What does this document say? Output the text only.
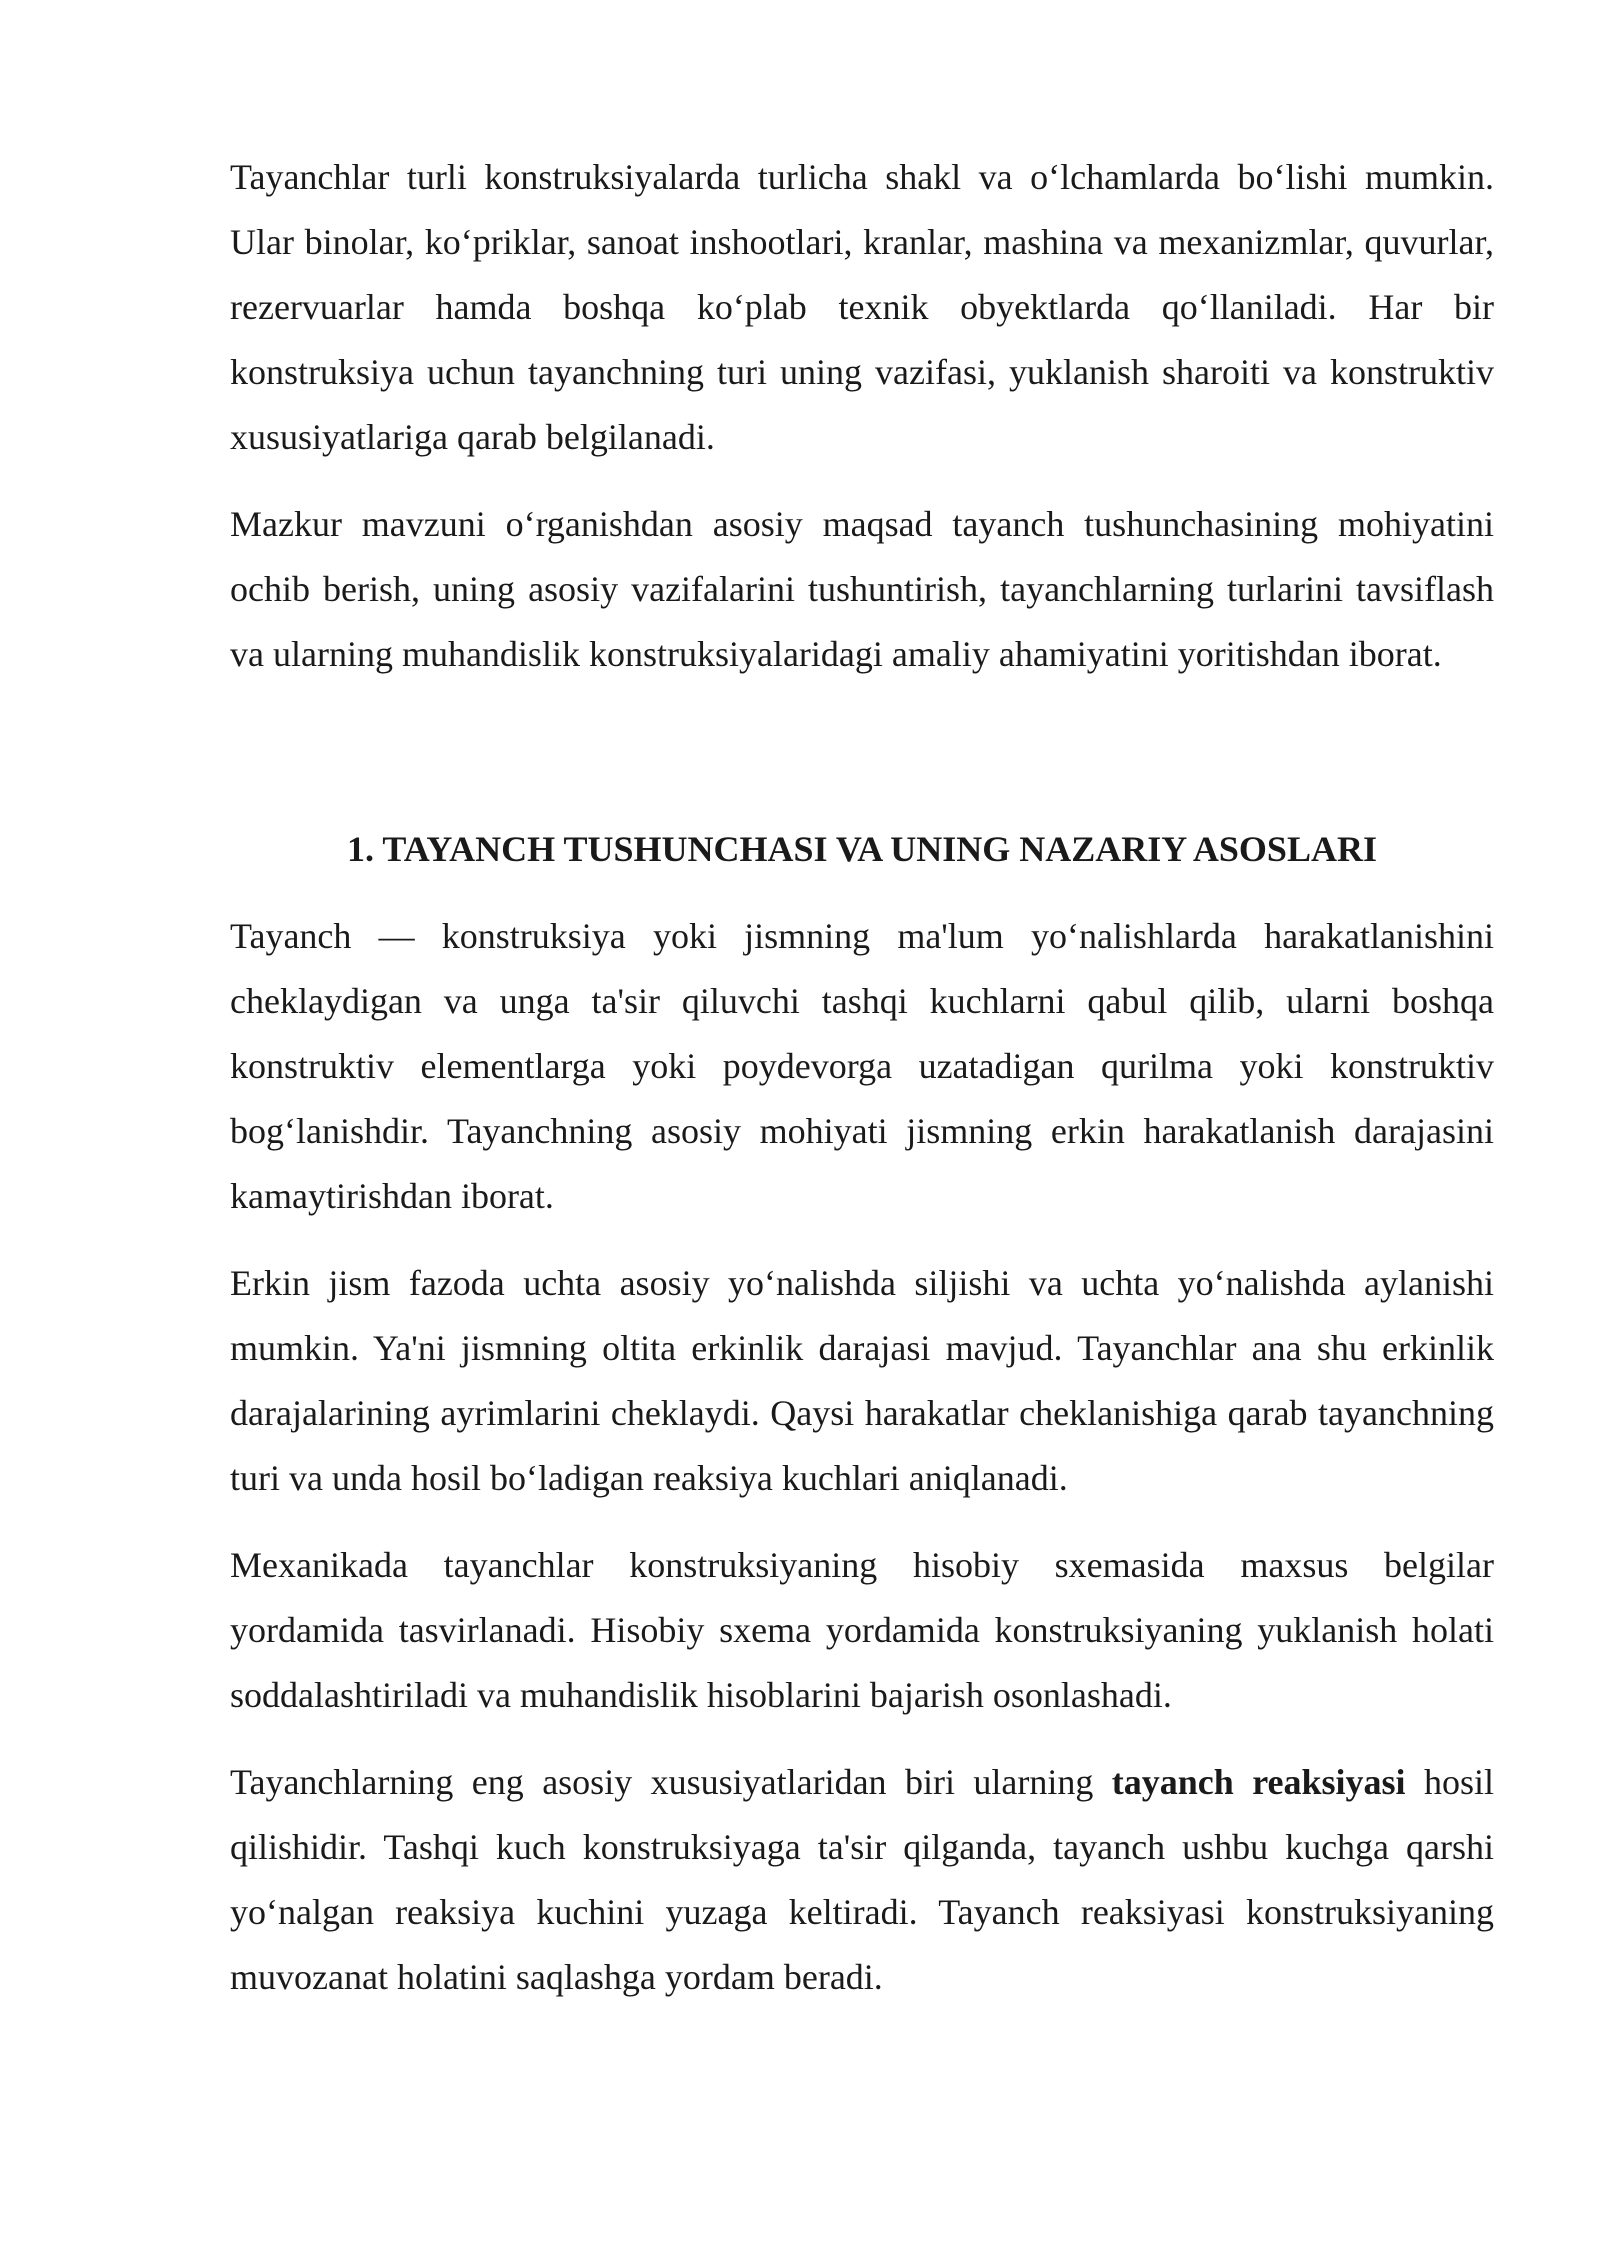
Tayanchlar turli konstruksiyalarda turlicha shakl va o‘lchamlarda bo‘lishi mumkin. Ular binolar, ko‘priklar, sanoat inshootlari, kranlar, mashina va mexanizmlar, quvurlar, rezervuarlar hamda boshqa ko‘plab texnik obyektlarda qo‘llaniladi. Har bir konstruksiya uchun tayanchning turi uning vazifasi, yuklanish sharoiti va konstruktiv xususiyatlariga qarab belgilanadi.

Mazkur mavzuni o‘rganishdan asosiy maqsad tayanch tushunchasining mohiyatini ochib berish, uning asosiy vazifalarini tushuntirish, tayanchlarning turlarini tavsiflash va ularning muhandislik konstruksiyalaridagi amaliy ahamiyatini yoritishdan iborat.

1. TAYANCH TUSHUNCHASI VA UNING NAZARIY ASOSLARI

Tayanch — konstruksiya yoki jismning ma'lum yo‘nalishlarda harakatlanishini cheklaydigan va unga ta'sir qiluvchi tashqi kuchlarni qabul qilib, ularni boshqa konstruktiv elementlarga yoki poydevorga uzatadigan qurilma yoki konstruktiv bog‘lanishdir. Tayanchning asosiy mohiyati jismning erkin harakatlanish darajasini kamaytirishdan iborat.

Erkin jism fazoda uchta asosiy yo‘nalishda siljishi va uchta yo‘nalishda aylanishi mumkin. Ya'ni jismning oltita erkinlik darajasi mavjud. Tayanchlar ana shu erkinlik darajalarining ayrimlarini cheklaydi. Qaysi harakatlar cheklanishiga qarab tayanchning turi va unda hosil bo‘ladigan reaksiya kuchlari aniqlanadi.

Mexanikada tayanchlar konstruksiyaning hisobiy sxemasida maxsus belgilar yordamida tasvirlanadi. Hisobiy sxema yordamida konstruksiyaning yuklanish holati soddalashtiriladi va muhandislik hisoblarini bajarish osonlashadi.

Tayanchlarning eng asosiy xususiyatlaridan biri ularning tayanch reaksiyasi hosil qilishidir. Tashqi kuch konstruksiyaga ta'sir qilganda, tayanch ushbu kuchga qarshi yo‘nalgan reaksiya kuchini yuzaga keltiradi. Tayanch reaksiyasi konstruksiyaning muvozanat holatini saqlashga yordam beradi.
